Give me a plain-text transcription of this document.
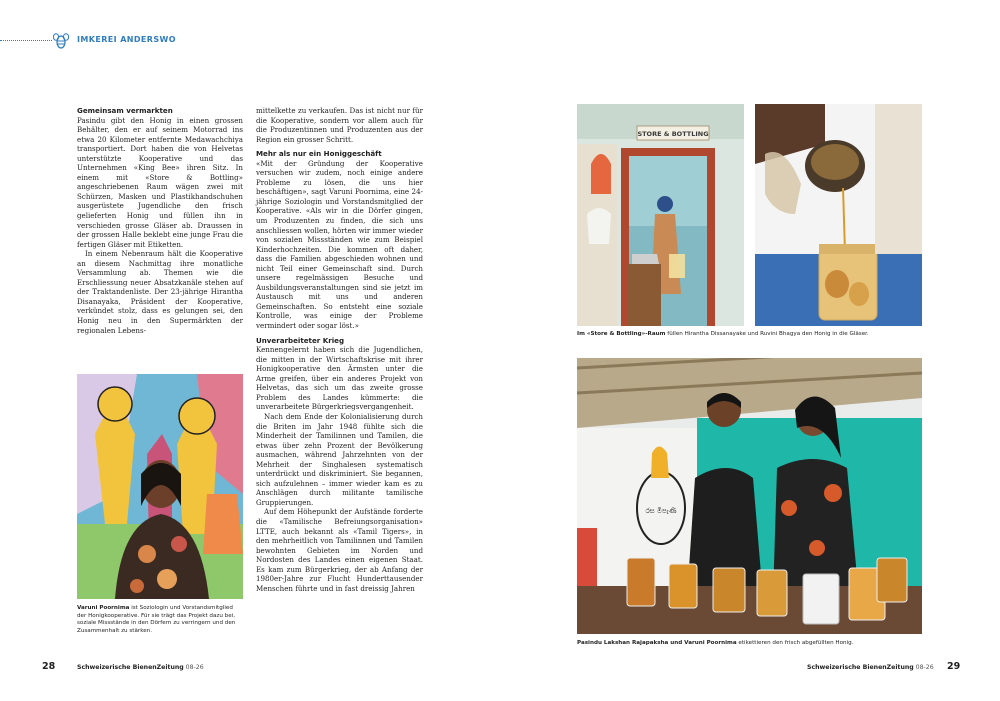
IMKEREI ANDERSWO
Gemeinsam vermarkten

Pasindu gibt den Honig in einen grossen Behälter, den er auf seinem Motorrad ins etwa 20 Kilometer entfernte Medawachchiya transportiert. Dort haben die von Helvetas unterstützte Kooperative und das Unternehmen «King Bee» ihren Sitz. In einem mit «Store & Bottling» angeschriebenen Raum wägen zwei mit Schürzen, Masken und Plastikhandschuhen ausgerüstete Jugendliche den frisch gelieferten Honig und füllen ihn in verschieden grosse Gläser ab. Draussen in der grossen Halle beklebt eine junge Frau die fertigen Gläser mit Etiketten.

In einem Nebenraum hält die Kooperative an diesem Nachmittag ihre monatliche Versammlung ab. Themen wie die Erschliessung neuer Absatzkanäle stehen auf der Traktandenliste. Der 23-jährige Hirantha Disanayaka, Präsident der Kooperative, verkündet stolz, dass es gelungen sei, den Honig neu in den Supermärkten der regionalen Lebens-

mittelkette zu verkaufen. Das ist nicht nur für die Kooperative, sondern vor allem auch für die Produzentinnen und Produzenten aus der Region ein grosser Schritt.

Mehr als nur ein Honiggeschäft

«Mit der Gründung der Kooperative versuchen wir zudem, noch einige andere Probleme zu lösen, die uns hier beschäftigen», sagt Varuni Poornima, eine 24-jährige Soziologin und Vorstandsmitglied der Kooperative. «Als wir in die Dörfer gingen, um Produzenten zu finden, die sich uns anschliessen wollen, hörten wir immer wieder von sozialen Missständen wie zum Beispiel Kinderhochzeiten. Die kommen oft daher, dass die Familien abgeschieden wohnen und nicht Teil einer Gemeinschaft sind. Durch unsere regelmässigen Besuche und Ausbildungsveranstaltungen sind sie jetzt im Austausch mit uns und anderen Gemeinschaften. So entsteht eine soziale Kontrolle, was einige der Probleme vermindert oder sogar löst.»

Unverarbeiteter Krieg

Kennengelernt haben sich die Jugendlichen, die mitten in der Wirtschaftskrise mit ihrer Honigkooperative den Ärmsten unter die Arme greifen, über ein anderes Projekt von Helvetas, das sich um das zweite grosse Problem des Landes kümmerte: die unverarbeitete Bürgerkriegsvergangenheit.

Nach dem Ende der Kolonialisierung durch die Briten im Jahr 1948 fühlte sich die Minderheit der Tamilinnen und Tamilen, die etwas über zehn Prozent der Bevölkerung ausmachen, während Jahrzehnten von der Mehrheit der Singhalesen systematisch unterdrückt und diskriminiert. Sie begannen, sich aufzulehnen – immer wieder kam es zu Anschlägen durch militante tamilische Gruppierungen.

Auf dem Höhepunkt der Aufstände forderte die «Tamilische Befreiungsorganisation» LTTE, auch bekannt als «Tamil Tigers», in den mehrheitlich von Tamilinnen und Tamilen bewohnten Gebieten im Norden und Nordosten des Landes einen eigenen Staat. Es kam zum Bürgerkrieg, der ab Anfang der 1980er-Jahre zur Flucht Hunderttausender Menschen führte und in fast dreissig Jahren

STORE & BOTTLING
රස මීපැණි
Varuni Poornima ist Soziologin und Vorstandsmitglied der Honigkooperative. Für sie trägt das Projekt dazu bei, soziale Missstände in den Dörfern zu verringern und den Zusammenhalt zu stärken.
Im «Store & Bottling»-Raum füllen Hirantha Dissanayake und Ruvini Bhagya den Honig in die Gläser.
Pasindu Lakshan Rajapaksha und Varuni Poornima etikettieren den frisch abgefüllten Honig.
28	Schweizerische BienenZeitung 08-26	Schweizerische BienenZeitung 08-26 29
